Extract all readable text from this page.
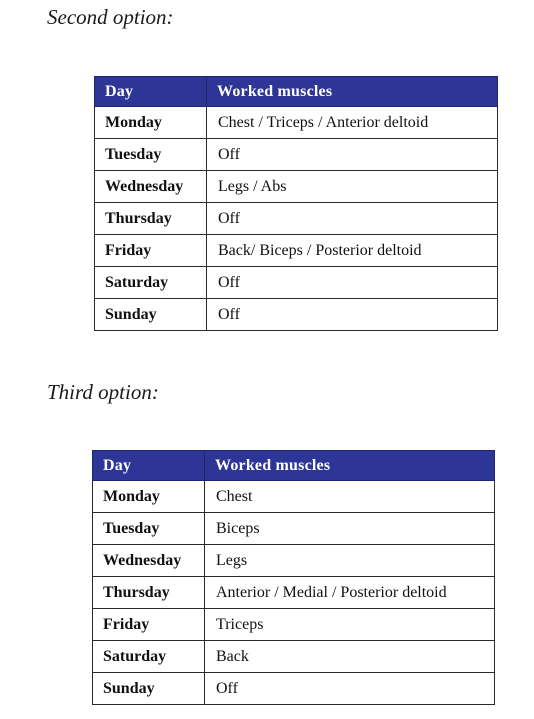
Second option:
Day	Worked muscles
Monday	Chest / Triceps / Anterior deltoid
Tuesday	Off
Wednesday	Legs / Abs
Thursday	Off
Friday	Back/ Biceps / Posterior deltoid
Saturday	Off
Sunday	Off
Third option:
Day	Worked muscles
Monday	Chest
Tuesday	Biceps
Wednesday	Legs
Thursday	Anterior / Medial / Posterior deltoid
Friday	Triceps
Saturday	Back
Sunday	Off
